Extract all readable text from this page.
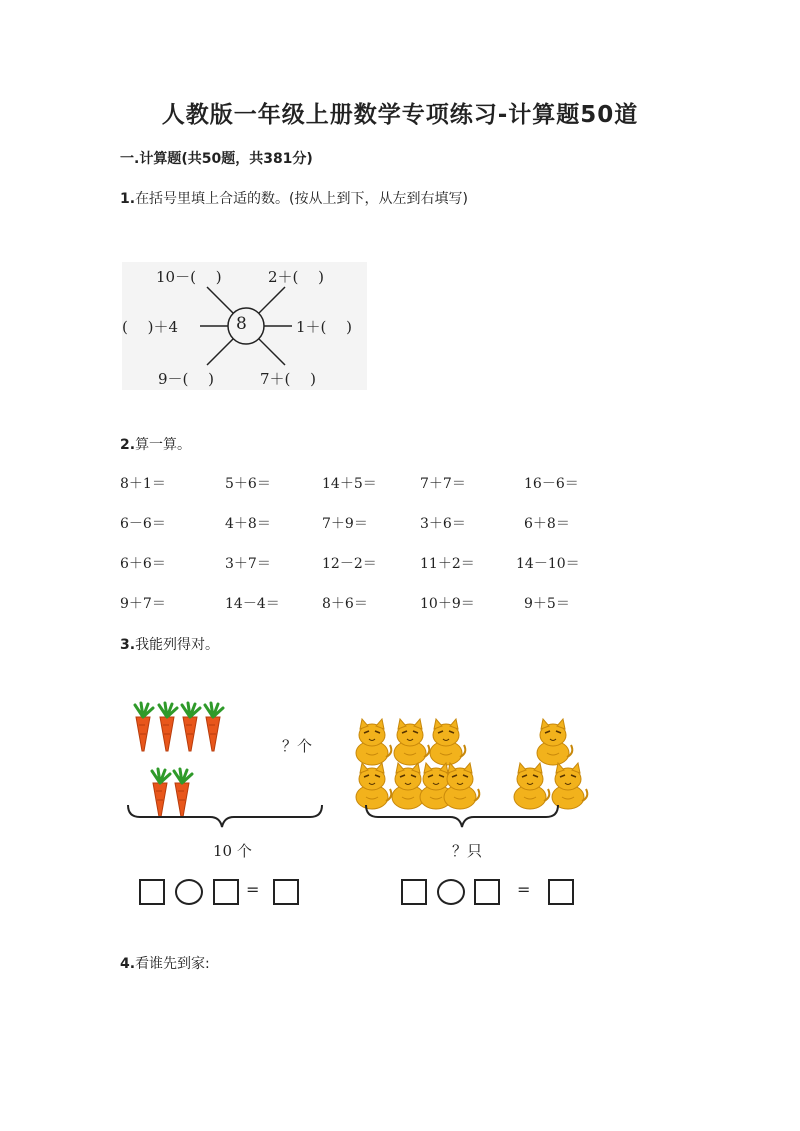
人教版一年级上册数学专项练习-计算题50道
一.计算题(共50题，共381分)
1.在括号里填上合适的数。(按从上到下，从左到右填写)
8
10－(　 )	2＋(　 )
(　 )＋4	1＋(　 )
9－(　 )	7＋(　 )
2.算一算。
8＋1＝	5＋6＝	14＋5＝	7＋7＝	16－6＝
6－6＝	4＋8＝	7＋9＝	3＋6＝	6＋8＝
6＋6＝	3＋7＝	12－2＝	11＋2＝	14－10＝
9＋7＝	14－4＝	8＋6＝	10＋9＝	9＋5＝
3.我能列得对。
？个
10 个	？只
=	=
4.看谁先到家:
